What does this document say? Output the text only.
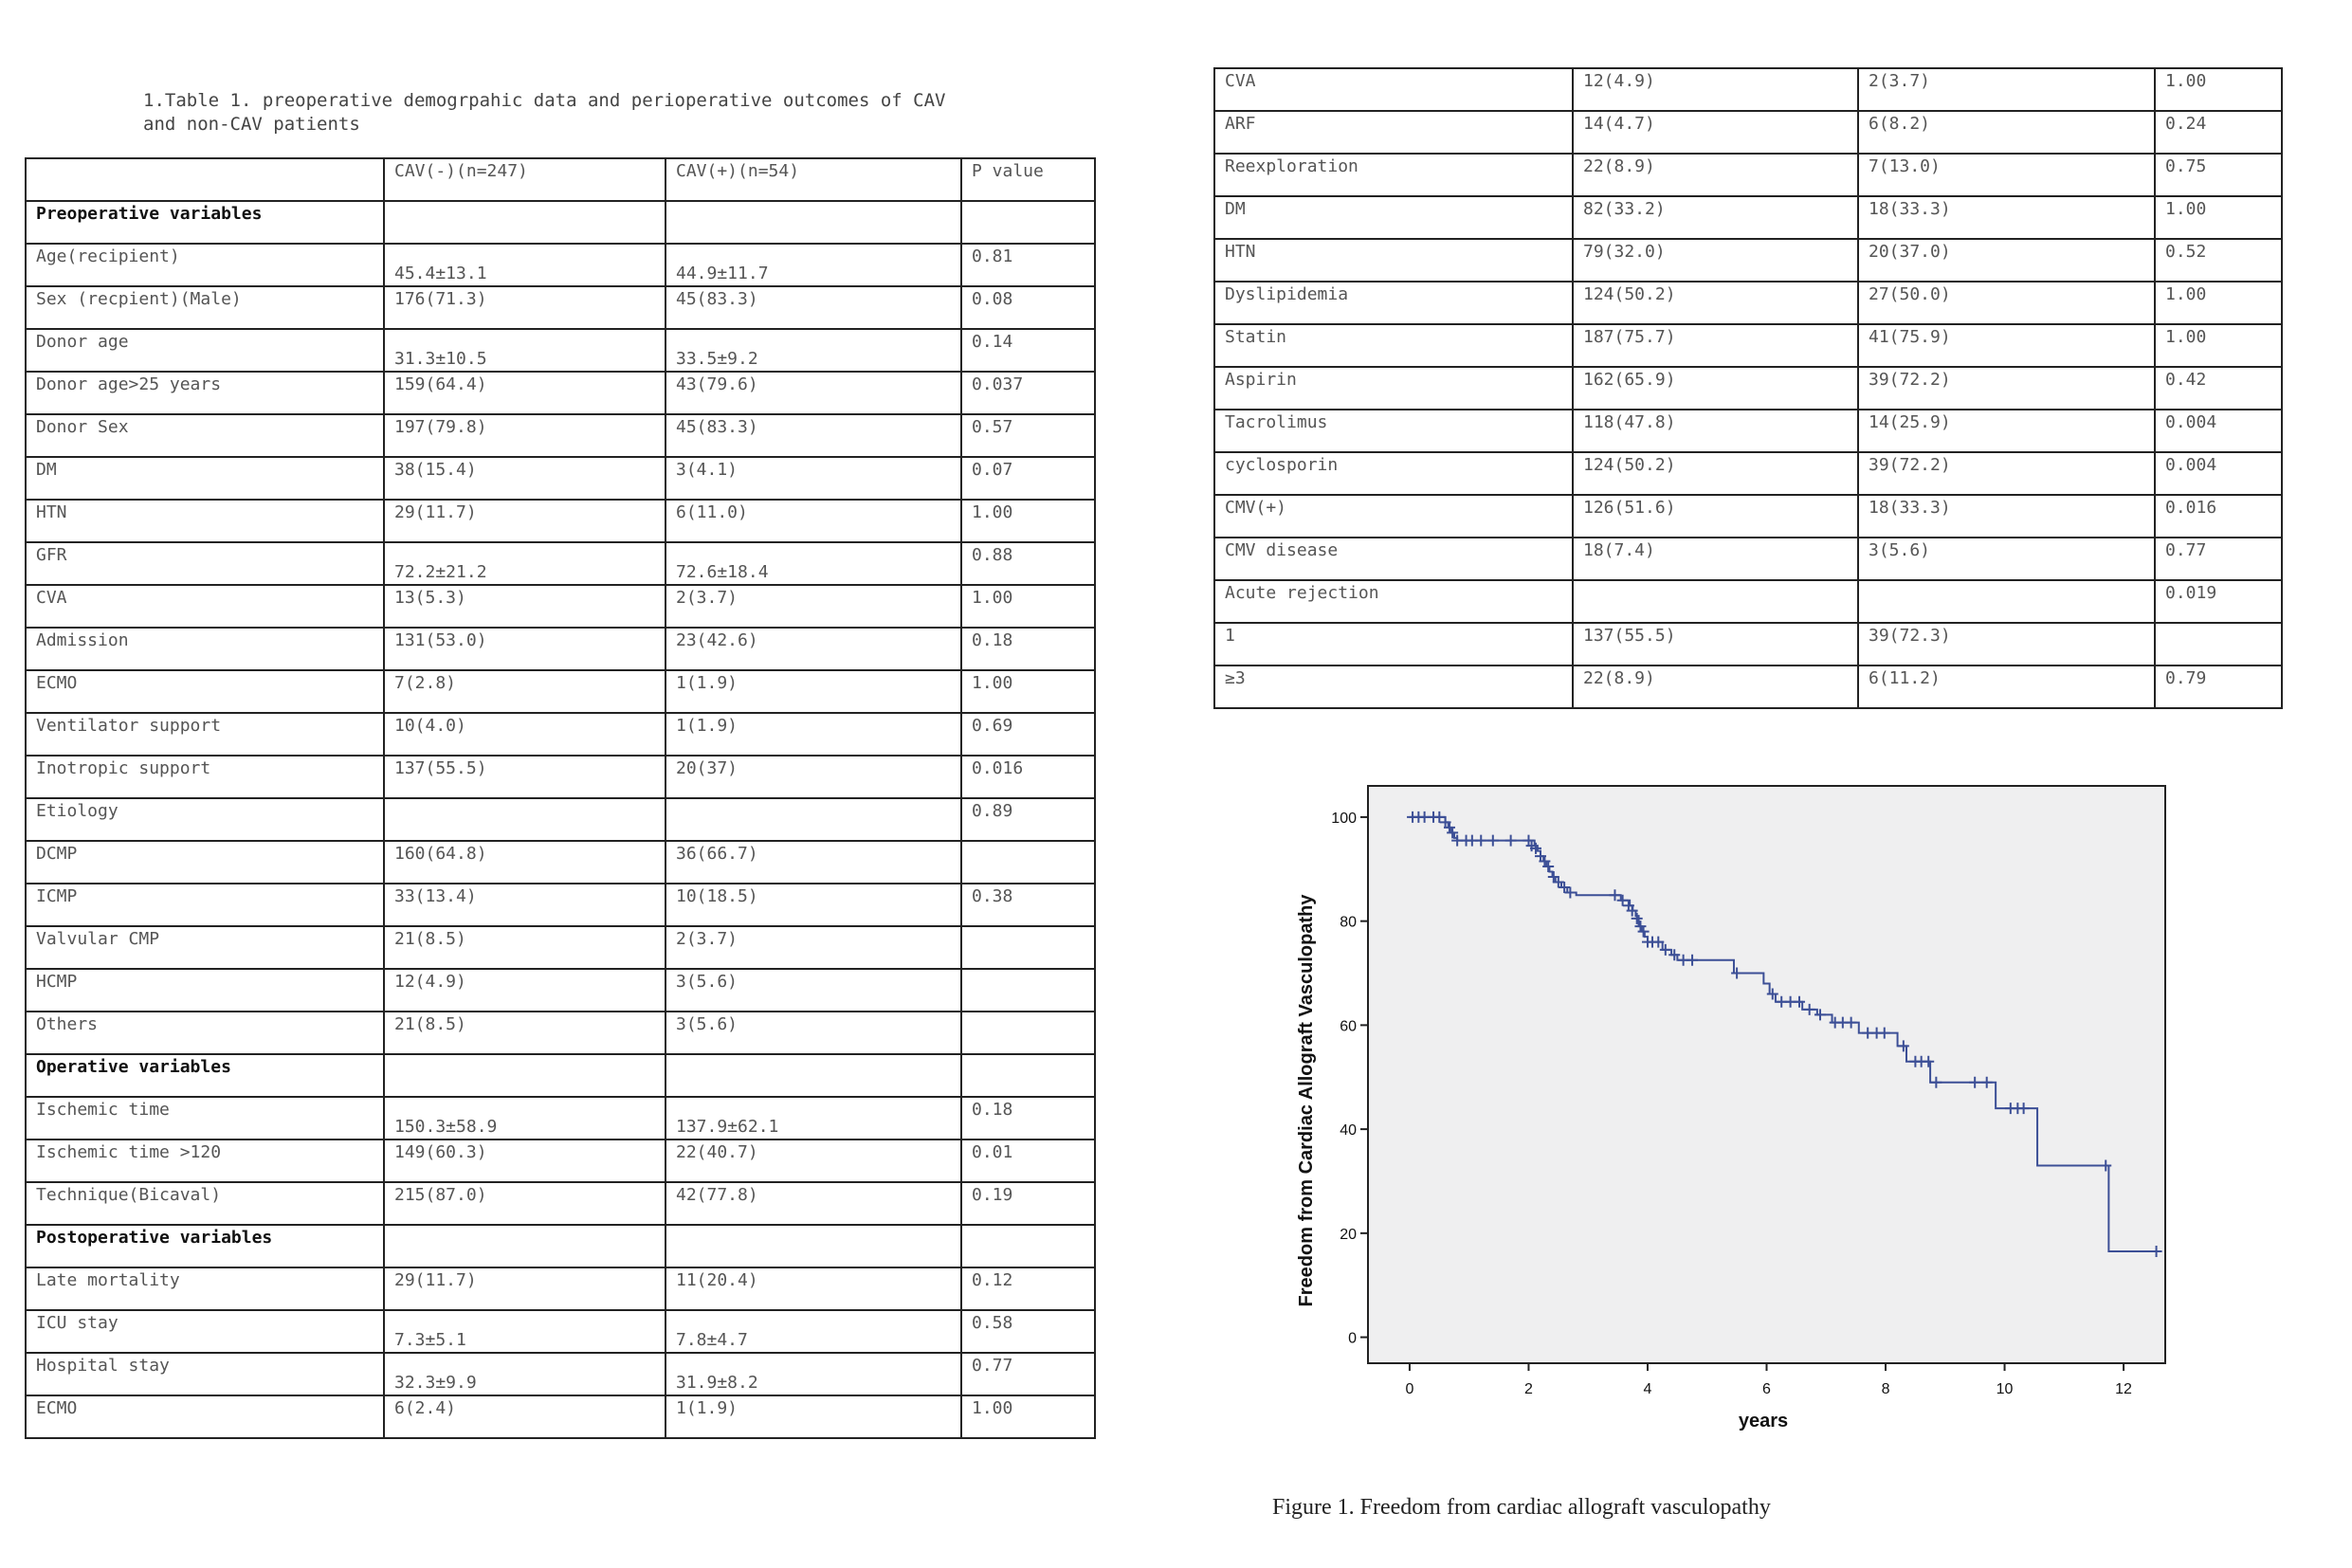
1.Table 1. preoperative demogrpahic data and perioperative outcomes of CAV
and non-CAV patients
	CAV(-)(n=247)	CAV(+)(n=54)	P value
Preoperative variables			
Age(recipient)	45.4±13.1	44.9±11.7	0.81
Sex (recpient)(Male)	176(71.3)	45(83.3)	0.08
Donor age	31.3±10.5	33.5±9.2	0.14
Donor age>25 years	159(64.4)	43(79.6)	0.037
Donor Sex	197(79.8)	45(83.3)	0.57
DM	38(15.4)	3(4.1)	0.07
HTN	29(11.7)	6(11.0)	1.00
GFR	72.2±21.2	72.6±18.4	0.88
CVA	13(5.3)	2(3.7)	1.00
Admission	131(53.0)	23(42.6)	0.18
ECMO	7(2.8)	1(1.9)	1.00
Ventilator support	10(4.0)	1(1.9)	0.69
Inotropic support	137(55.5)	20(37)	0.016
Etiology			0.89
DCMP	160(64.8)	36(66.7)	
ICMP	33(13.4)	10(18.5)	0.38
Valvular CMP	21(8.5)	2(3.7)	
HCMP	12(4.9)	3(5.6)	
Others	21(8.5)	3(5.6)	
Operative variables			
Ischemic time	150.3±58.9	137.9±62.1	0.18
Ischemic time >120	149(60.3)	22(40.7)	0.01
Technique(Bicaval)	215(87.0)	42(77.8)	0.19
Postoperative variables			
Late mortality	29(11.7)	11(20.4)	0.12
ICU stay	7.3±5.1	7.8±4.7	0.58
Hospital stay	32.3±9.9	31.9±8.2	0.77
ECMO	6(2.4)	1(1.9)	1.00
CVA	12(4.9)	2(3.7)	1.00
ARF	14(4.7)	6(8.2)	0.24
Reexploration	22(8.9)	7(13.0)	0.75
DM	82(33.2)	18(33.3)	1.00
HTN	79(32.0)	20(37.0)	0.52
Dyslipidemia	124(50.2)	27(50.0)	1.00
Statin	187(75.7)	41(75.9)	1.00
Aspirin	162(65.9)	39(72.2)	0.42
Tacrolimus	118(47.8)	14(25.9)	0.004
cyclosporin	124(50.2)	39(72.2)	0.004
CMV(+)	126(51.6)	18(33.3)	0.016
CMV disease	18(7.4)	3(5.6)	0.77
Acute rejection			0.019
1	137(55.5)	39(72.3)	
≥3	22(8.9)	6(11.2)	0.79
0
20
40
60
80
100
0	2	4	6	8	10	12
Freedom from Cardiac Allograft Vasculopathy
years
Figure 1. Freedom from cardiac allograft vasculopathy
